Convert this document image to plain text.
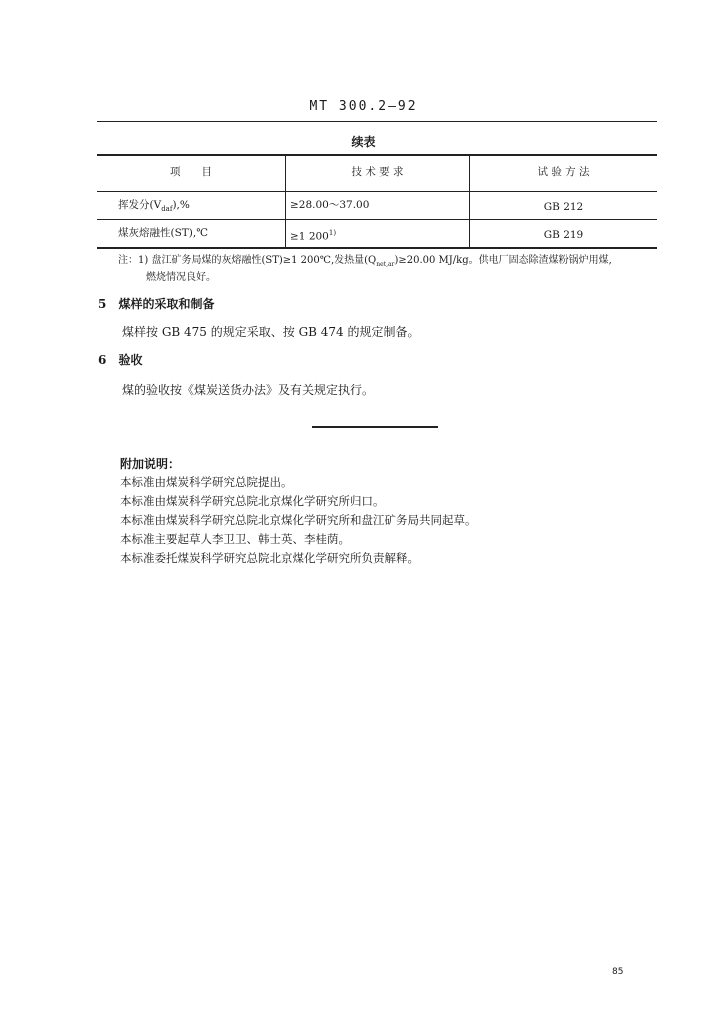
MT 300.2—92
续表
项　　目	技 术 要 求	试 验 方 法
挥发分$(V_{daf}),\%$	≥28.00～37.00	GB 212
煤灰熔融性(ST),℃	≥1 200$^{1)}$	GB 219
注：1) 盘江矿务局煤的灰熔融性(ST)≥1 200℃,发热量$(Q_{net,ar})\ge 20.00$ MJ/kg。供电厂固态除渣煤粉锅炉用煤,
燃烧情况良好。
5 煤样的采取和制备
煤样按 GB 475 的规定采取、按 GB 474 的规定制备。
6 验收
煤的验收按《煤炭送货办法》及有关规定执行。
附加说明：
本标准由煤炭科学研究总院提出。
本标准由煤炭科学研究总院北京煤化学研究所归口。
本标准由煤炭科学研究总院北京煤化学研究所和盘江矿务局共同起草。
本标准主要起草人李卫卫、韩士英、李桂荫。
本标准委托煤炭科学研究总院北京煤化学研究所负责解释。
85
